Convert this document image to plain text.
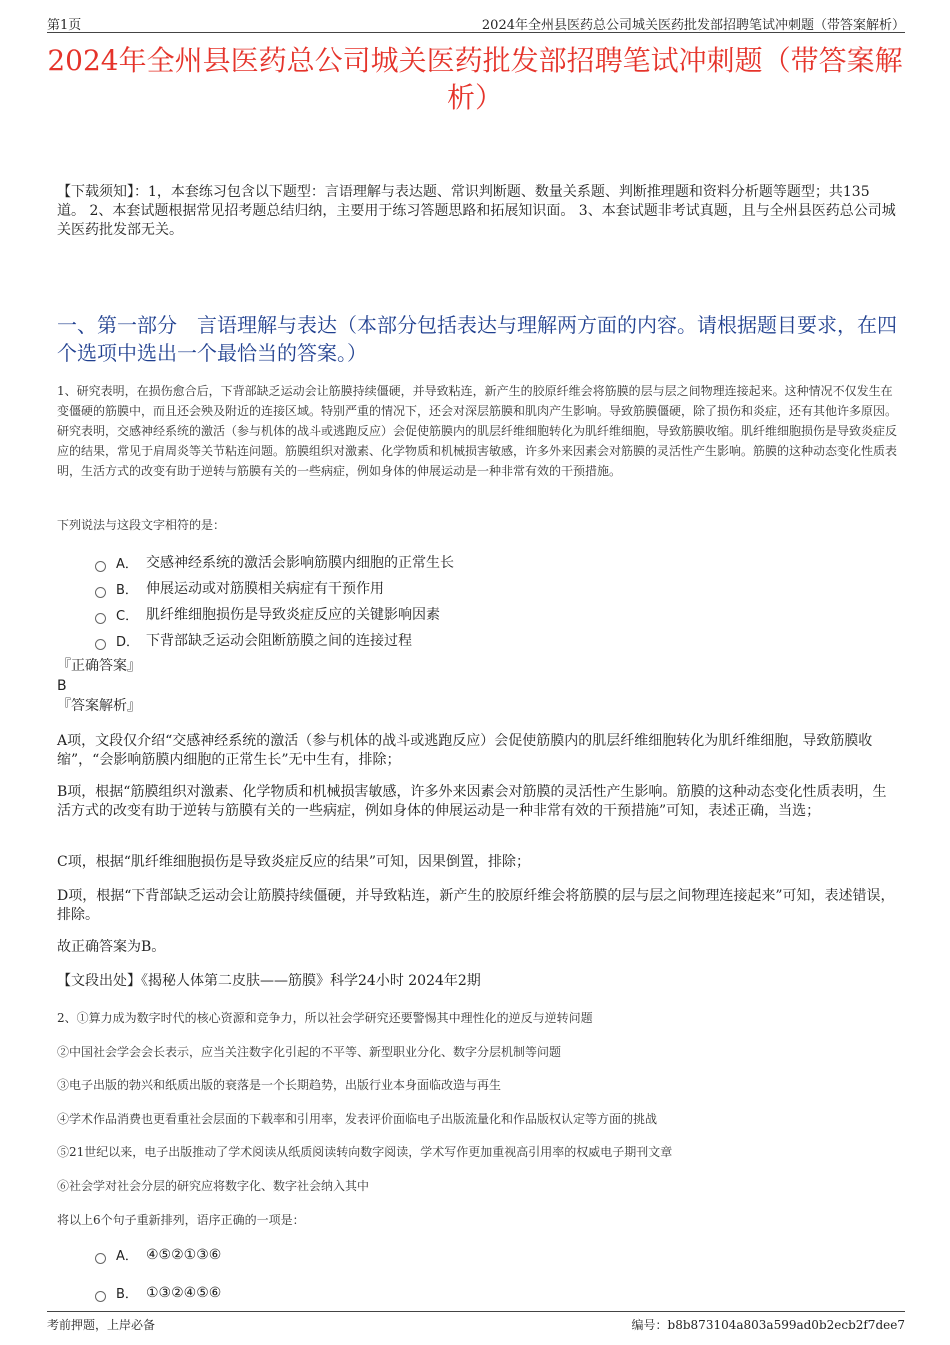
第1页	2024年全州县医药总公司城关医药批发部招聘笔试冲刺题（带答案解析）
2024年全州县医药总公司城关医药批发部招聘笔试冲刺题（带答案解析）
【下载须知】：1，本套练习包含以下题型：言语理解与表达题、常识判断题、数量关系题、判断推理题和资料分析题等题型；共135道。 2、本套试题根据常见招考题总结归纳，主要用于练习答题思路和拓展知识面。 3、本套试题非考试真题，且与全州县医药总公司城关医药批发部无关。
一、第一部分　言语理解与表达（本部分包括表达与理解两方面的内容。请根据题目要求，在四个选项中选出一个最恰当的答案。）
1、研究表明，在损伤愈合后，下背部缺乏运动会让筋膜持续僵硬，并导致粘连，新产生的胶原纤维会将筋膜的层与层之间物理连接起来。这种情况不仅发生在变僵硬的筋膜中，而且还会殃及附近的连接区域。特别严重的情况下，还会对深层筋膜和肌肉产生影响。导致筋膜僵硬，除了损伤和炎症，还有其他许多原因。研究表明，交感神经系统的激活（参与机体的战斗或逃跑反应）会促使筋膜内的肌层纤维细胞转化为肌纤维细胞，导致筋膜收缩。肌纤维细胞损伤是导致炎症反应的结果，常见于肩周炎等关节粘连问题。筋膜组织对激素、化学物质和机械损害敏感，许多外来因素会对筋膜的灵活性产生影响。筋膜的这种动态变化性质表明，生活方式的改变有助于逆转与筋膜有关的一些病症，例如身体的伸展运动是一种非常有效的干预措施。
下列说法与这段文字相符的是：
A． 交感神经系统的激活会影响筋膜内细胞的正常生长
B． 伸展运动或对筋膜相关病症有干预作用
C． 肌纤维细胞损伤是导致炎症反应的关键影响因素
D． 下背部缺乏运动会阻断筋膜之间的连接过程
『正确答案』
B
『答案解析』
A项，文段仅介绍“交感神经系统的激活（参与机体的战斗或逃跑反应）会促使筋膜内的肌层纤维细胞转化为肌纤维细胞，导致筋膜收缩”，“会影响筋膜内细胞的正常生长”无中生有，排除；
B项，根据“筋膜组织对激素、化学物质和机械损害敏感，许多外来因素会对筋膜的灵活性产生影响。筋膜的这种动态变化性质表明，生活方式的改变有助于逆转与筋膜有关的一些病症，例如身体的伸展运动是一种非常有效的干预措施”可知，表述正确，当选；
C项，根据“肌纤维细胞损伤是导致炎症反应的结果”可知，因果倒置，排除；
D项，根据“下背部缺乏运动会让筋膜持续僵硬，并导致粘连，新产生的胶原纤维会将筋膜的层与层之间物理连接起来”可知，表述错误，排除。
故正确答案为B。
【文段出处】《揭秘人体第二皮肤——筋膜》科学24小时 2024年2期
2、①算力成为数字时代的核心资源和竞争力，所以社会学研究还要警惕其中理性化的逆反与逆转问题
②中国社会学会会长表示，应当关注数字化引起的不平等、新型职业分化、数字分层机制等问题
③电子出版的勃兴和纸质出版的衰落是一个长期趋势，出版行业本身面临改造与再生
④学术作品消费也更看重社会层面的下载率和引用率，发表评价面临电子出版流量化和作品版权认定等方面的挑战
⑤21世纪以来，电子出版推动了学术阅读从纸质阅读转向数字阅读，学术写作更加重视高引用率的权威电子期刊文章
⑥社会学对社会分层的研究应将数字化、数字社会纳入其中
将以上6个句子重新排列，语序正确的一项是：
A． ④⑤②①③⑥
B． ①③②④⑤⑥
考前押题，上岸必备	编号：b8b873104a803a599ad0b2ecb2f7dee7
